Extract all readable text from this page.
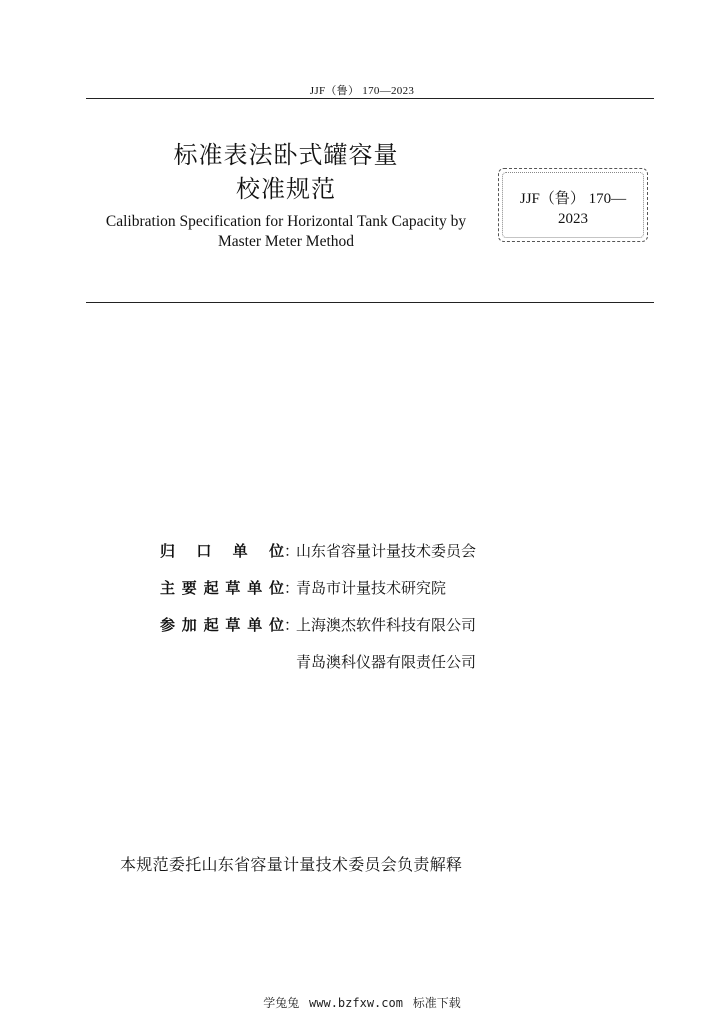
JJF（鲁） 170—2023
标准表法卧式罐容量
校准规范
Calibration Specification for Horizontal Tank Capacity by
Master Meter Method
JJF（鲁） 170—
2023
归 口 单 位 ：
山东省容量计量技术委员会
主要起草单位 ：
青岛市计量技术研究院
参加起草单位 ：
上海澳杰软件科技有限公司
青岛澳科仪器有限责任公司
本规范委托山东省容量计量技术委员会负责解释
学兔兔 www.bzfxw.com 标准下载
